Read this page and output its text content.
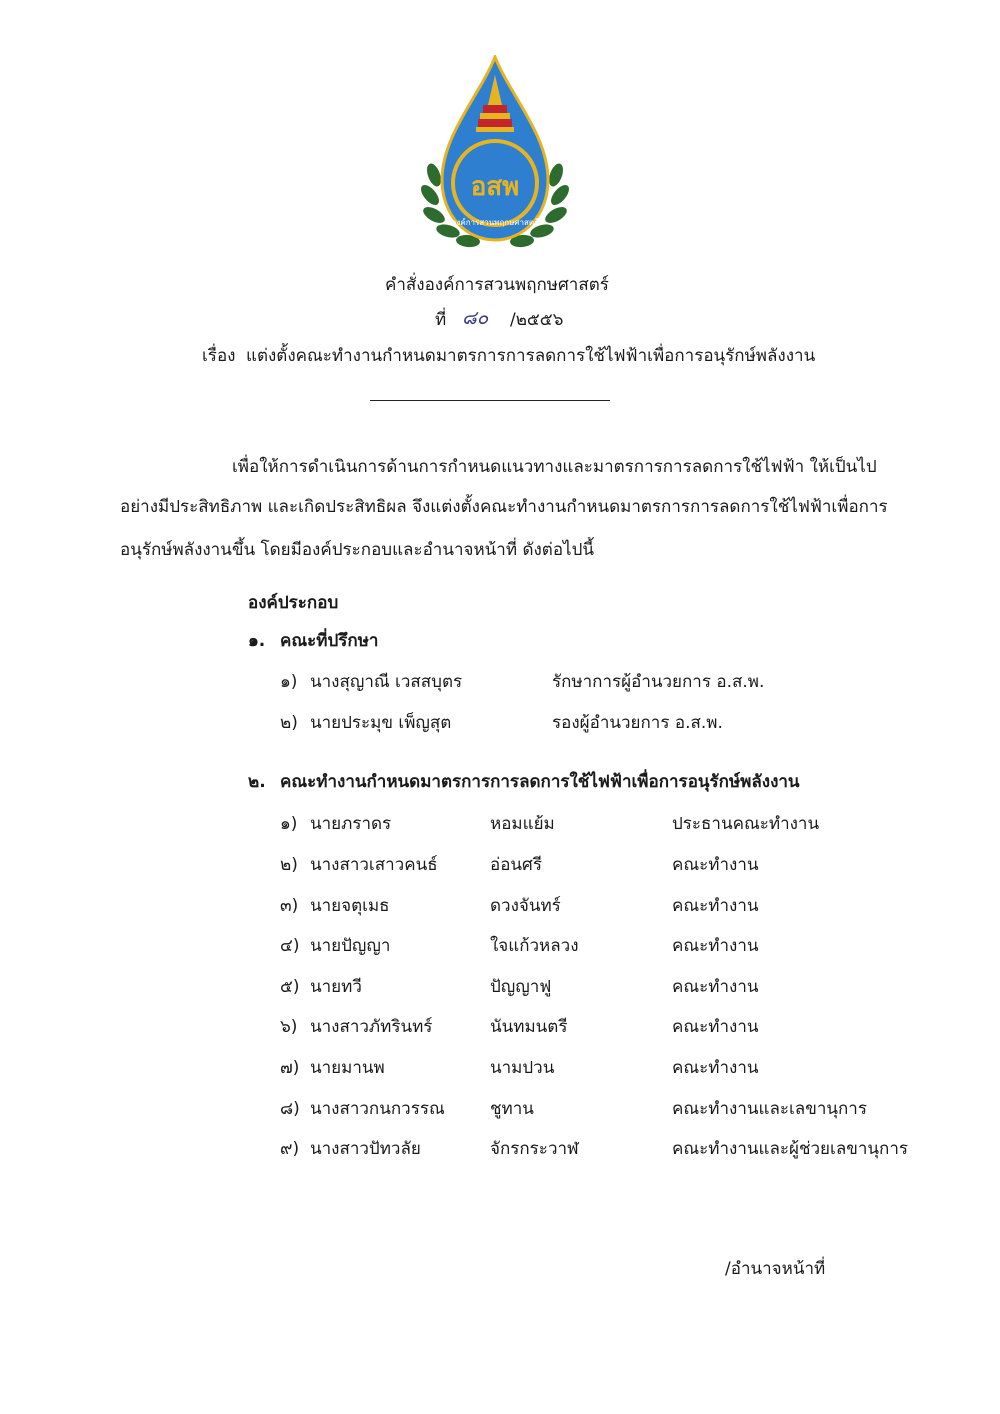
อสพ
องค์การสวนพฤกษศาสตร์
คำสั่งองค์การสวนพฤกษศาสตร์
ที่ ๘๐ /๒๕๕๖
เรื่อง แต่งตั้งคณะทำงานกำหนดมาตรการการลดการใช้ไฟฟ้าเพื่อการอนุรักษ์พลังงาน
เพื่อให้การดำเนินการด้านการกำหนดแนวทางและมาตรการการลดการใช้ไฟฟ้า ให้เป็นไป
อย่างมีประสิทธิภาพ และเกิดประสิทธิผล จึงแต่งตั้งคณะทำงานกำหนดมาตรการการลดการใช้ไฟฟ้าเพื่อการ
อนุรักษ์พลังงานขึ้น โดยมีองค์ประกอบและอำนาจหน้าที่ ดังต่อไปนี้
องค์ประกอบ
๑. คณะที่ปรึกษา
๑) นางสุญาณี เวสสบุตร	รักษาการผู้อำนวยการ อ.ส.พ.
๒) นายประมุข เพ็ญสุต	รองผู้อำนวยการ อ.ส.พ.
๒. คณะทำงานกำหนดมาตรการการลดการใช้ไฟฟ้าเพื่อการอนุรักษ์พลังงาน
๑) นายภราดร	หอมแย้ม	ประธานคณะทำงาน
๒) นางสาวเสาวคนธ์	อ่อนศรี	คณะทำงาน
๓) นายจตุเมธ	ดวงจันทร์	คณะทำงาน
๔) นายปัญญา	ใจแก้วหลวง	คณะทำงาน
๕) นายทวี	ปัญญาฟู	คณะทำงาน
๖) นางสาวภัทรินทร์	นันทมนตรี	คณะทำงาน
๗) นายมานพ	นามปวน	คณะทำงาน
๘) นางสาวกนกวรรณ	ชูทาน	คณะทำงานและเลขานุการ
๙) นางสาวปัทวลัย	จักรกระวาฬ	คณะทำงานและผู้ช่วยเลขานุการ
/อำนาจหน้าที่
